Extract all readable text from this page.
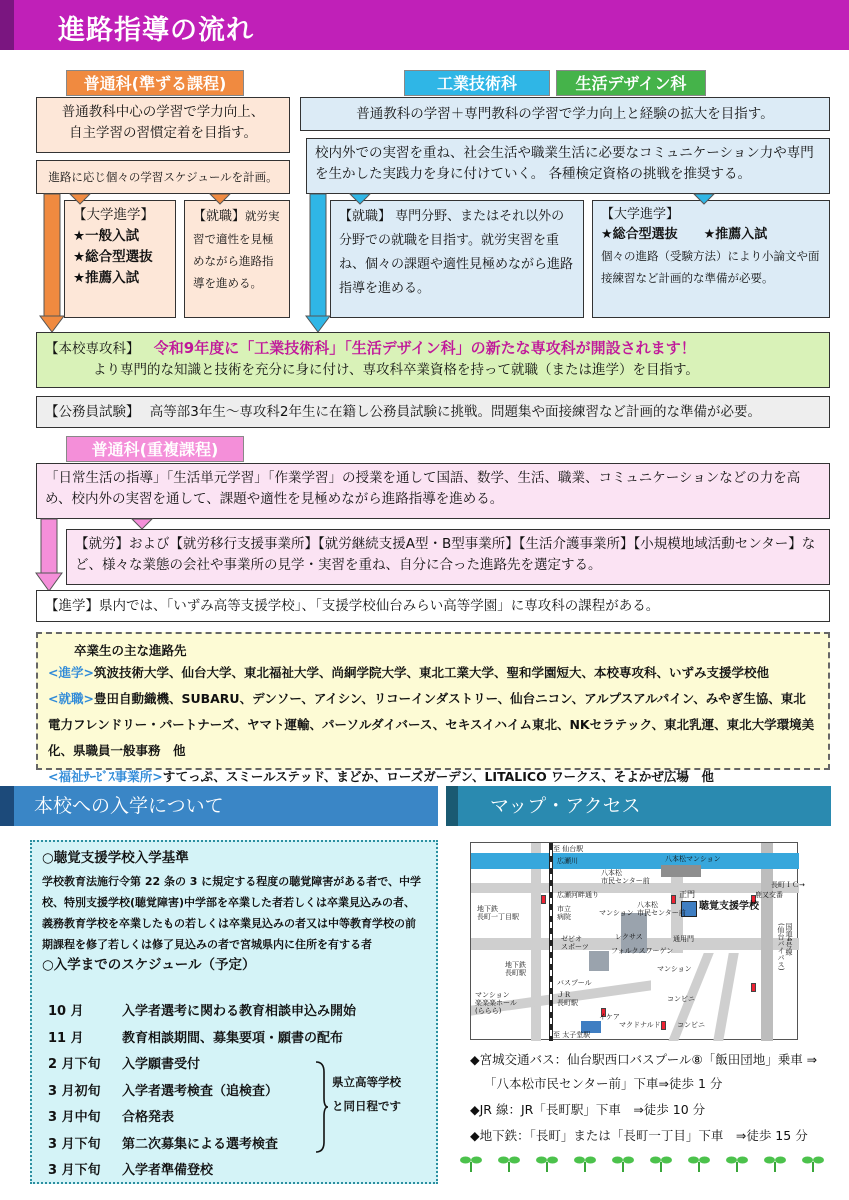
進路指導の流れ
普通科(準ずる課程)	工業技術科	生活デザイン科
普通教科中心の学習で学力向上、
自主学習の習慣定着を目指す。
進路に応じ個々の学習スケジュールを計画。
【大学進学】
★一般入試
★総合型選抜
★推薦入試
【就職】就労実習で適性を見極めながら進路指導を進める。
普通教科の学習＋専門教科の学習で学力向上と経験の拡大を目指す。
校内外での実習を重ね、社会生活や職業生活に必要なコミュニケーション力や専門を生かした実践力を身に付けていく。 各種検定資格の挑戦を推奨する。
【就職】 専門分野、またはそれ以外の分野での就職を目指す。就労実習を重ね、個々の課題や適性見極めながら進路指導を進める。
【大学進学】
★総合型選抜　　★推薦入試
個々の進路（受験方法）により小論文や面接練習など計画的な準備が必要。
【本校専攻科】 令和9年度に「工業技術科」「生活デザイン科」の新たな専攻科が開設されます！
より専門的な知識と技術を充分に身に付け、専攻科卒業資格を持って就職（または進学）を目指す。
【公務員試験】 高等部3年生～専攻科2年生に在籍し公務員試験に挑戦。問題集や面接練習など計画的な準備が必要。
普通科(重複課程)
「日常生活の指導」「生活単元学習」「作業学習」の授業を通して国語、数学、生活、職業、コミュニケーションなどの力を高め、校内外の実習を通して、課題や適性を見極めながら進路指導を進める。
【就労】および【就労移行支援事業所】【就労継続支援A型・B型事業所】【生活介護事業所】【小規模地域活動センター】など、様々な業態の会社や事業所の見学・実習を重ね、自分に合った進路先を選定する。
【進学】県内では、「いずみ高等支援学校」、「支援学校仙台みらい高等学園」に専攻科の課程がある。
卒業生の主な進路先
<進学>筑波技術大学、仙台大学、東北福祉大学、尚絅学院大学、東北工業大学、聖和学園短大、本校専攻科、いずみ支援学校他
<就職>豊田自動織機、SUBARU、デンソー、アイシン、リコーインダストリー、仙台ニコン、アルプスアルパイン、みやぎ生協、東北電力フレンドリー・パートナーズ、ヤマト運輸、パーソルダイバース、セキスイハイム東北、NKセラテック、東北乳運、東北大学環境美化、県職員一般事務　他
<福祉ｻｰﾋﾞｽ事業所>すてっぷ、スミールステッド、まどか、ローズガーデン、LITALICO ワークス、そよかぜ広場　他
本校への入学について	マップ・アクセス
○聴覚支援学校入学基準
学校教育法施行令第 22 条の 3 に規定する程度の聴覚障害がある者で、中学校、特別支援学校(聴覚障害)中学部を卒業した者若しくは卒業見込みの者、義務教育学校を卒業したもの若しくは卒業見込みの者又は中等教育学校の前期課程を修了若しくは修了見込みの者で宮城県内に住所を有する者
○入学までのスケジュール（予定）
10 月	入学者選考に関わる教育相談申込み開始
11 月	教育相談期間、募集要項・願書の配布
2 月下旬 入学願書受付
3 月初旬 入学者選考検査（追検査）
3 月中旬 合格発表
3 月下旬 第二次募集による選考検査
3 月下旬 入学者準備登校
県立高等学校
と同日程です
至 仙台駅
広瀬川
八本松
市民センター前
八本松マンション
長町ＩＣ→
鹿又交番
広瀬河畔通り	正門
聴覚支援学校
市立
病院	マンション
八本松
市民センター前
地下鉄
長町一丁目駅
ゼビオ
スポーツ
レクサス
フォルクスワーゲン
通用門	国道4号線
(仙台バイパス)
地下鉄
長町駅
バスプール
ＪＲ
長町駅
マンション
マンション
楽楽楽ホール
(ららら)
イケア
マクドナルド
コンビニ
コンビニ
至 太子堂駅
◆宮城交通バス：仙台駅西口バスプール⑧「飯田団地」乗車 ⇒
「八本松市民センター前」下車⇒徒歩 1 分
◆JR 線：JR「長町駅」下車　⇒徒歩 10 分
◆地下鉄：「長町」または「長町一丁目」下車　⇒徒歩 15 分
